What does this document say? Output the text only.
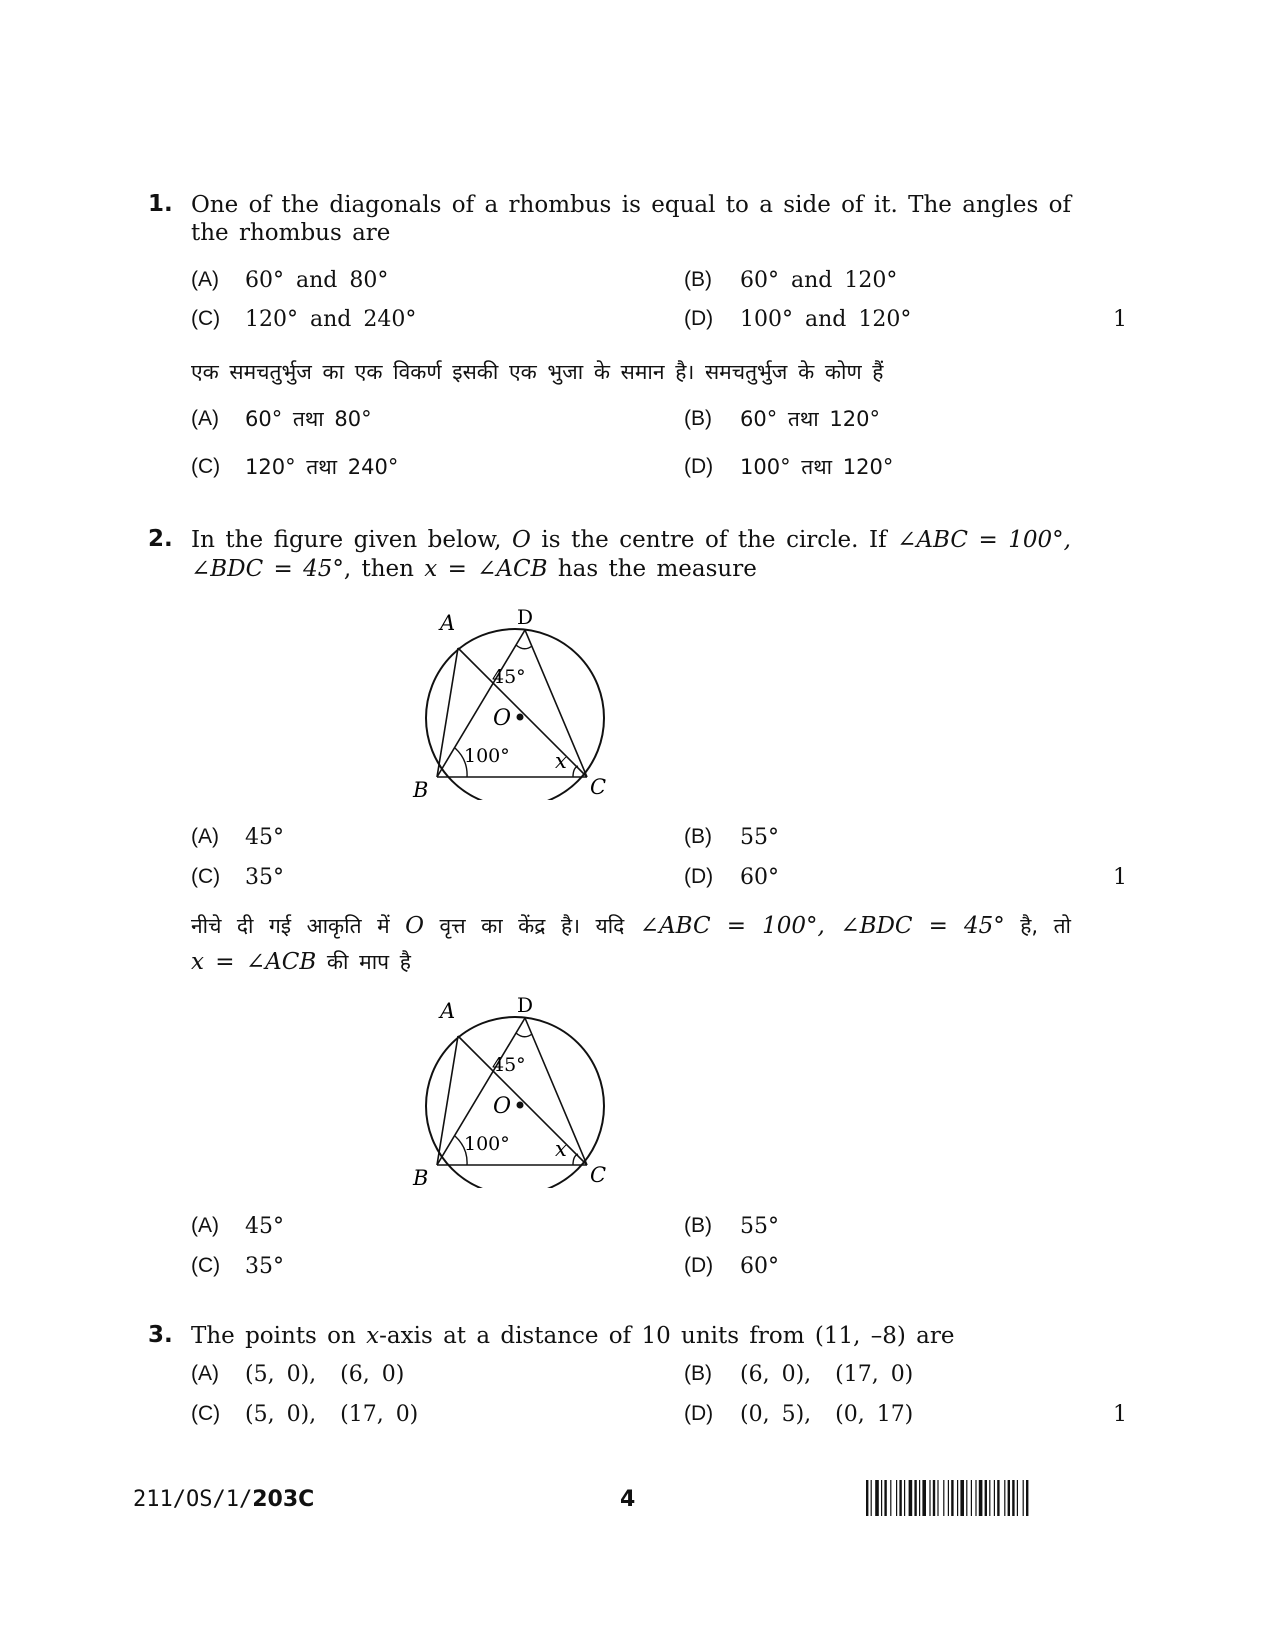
1. One of the diagonals of a rhombus is equal to a side of it. The angles of
the rhombus are
(A) 60° and 80°	(B) 60° and 120°
(C) 120° and 240°	(D) 100° and 120°	1
एक समचतुर्भुज का एक विकर्ण इसकी एक भुजा के समान है। समचतुर्भुज के कोण हैं
(A) 60° तथा 80°	(B) 60° तथा 120°
(C) 120° तथा 240°	(D) 100° तथा 120°
2. In the figure given below, O is the centre of the circle. If ∠ABC = 100°,
∠BDC = 45°, then x = ∠ACB has the measure
A	D
O
45°
100° x
B	C
(A) 45°	(B) 55°
(C) 35°	(D) 60°	1
नीचे दी गई आकृति में O वृत्त का केंद्र है। यदि ∠ABC = 100°, ∠BDC = 45° है, तो
x = ∠ACB की माप है
A	D
O
45°
100° x
B	C
(A) 45°	(B) 55°
(C) 35°	(D) 60°
3. The points on x-axis at a distance of 10 units from (11, –8) are
(A) (5, 0),  (6, 0)	(B) (6, 0),  (17, 0)
(C) (5, 0),  (17, 0)	(D) (0, 5),  (0, 17)	1
211/OS/1/203C	4
